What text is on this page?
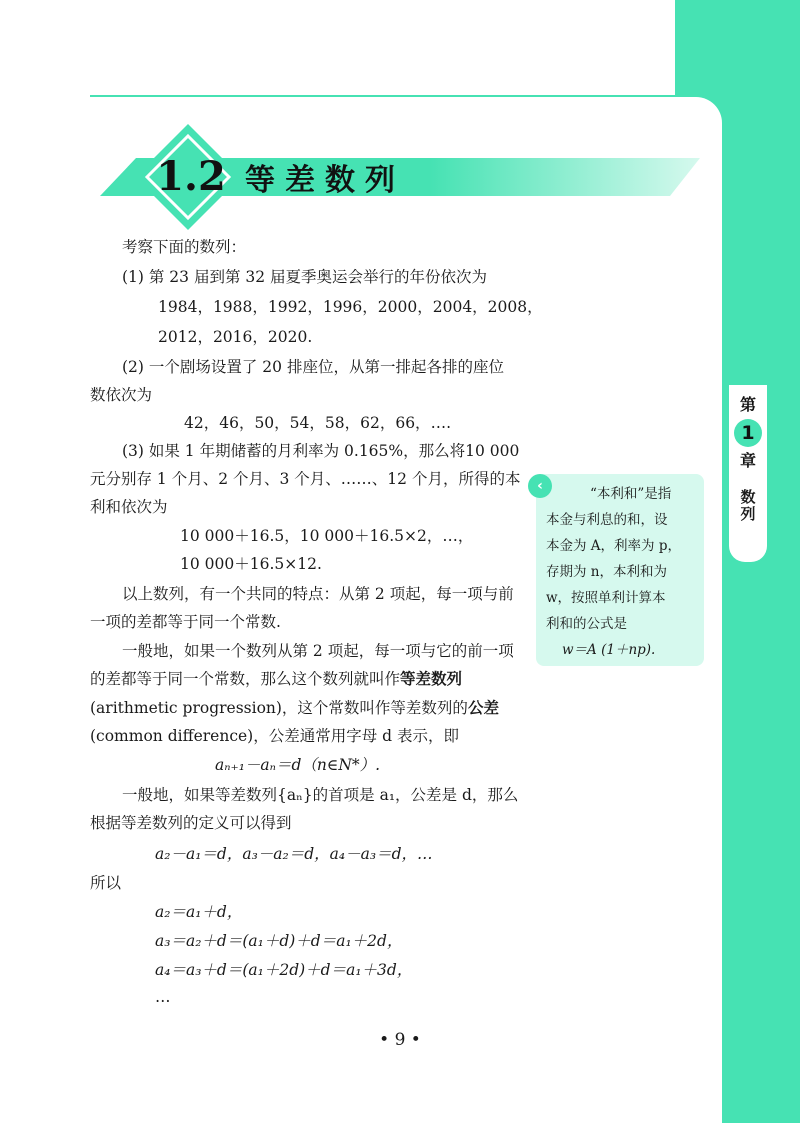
第
1
章
数列
1.2 等差数列
考察下面的数列：
(1) 第 23 届到第 32 届夏季奥运会举行的年份依次为
1984，1988，1992，1996，2000，2004，2008，
2012，2016，2020.
(2) 一个剧场设置了 20 排座位，从第一排起各排的座位
数依次为
42，46，50，54，58，62，66，….
(3) 如果 1 年期储蓄的月利率为 0.165%，那么将10 000
元分别存 1 个月、2 个月、3 个月、……、12 个月，所得的本
利和依次为
10 000＋16.5，10 000＋16.5×2，…，
10 000＋16.5×12.
以上数列，有一个共同的特点：从第 2 项起，每一项与前
一项的差都等于同一个常数.
一般地，如果一个数列从第 2 项起，每一项与它的前一项
的差都等于同一个常数，那么这个数列就叫作等差数列
(arithmetic progression)，这个常数叫作等差数列的公差
(common difference)，公差通常用字母 d 表示，即
aₙ₊₁－aₙ＝d（n∈N*）.
一般地，如果等差数列{aₙ}的首项是 a₁，公差是 d，那么
根据等差数列的定义可以得到
a₂－a₁＝d，a₃－a₂＝d，a₄－a₃＝d，…
所以
a₂＝a₁＋d，
a₃＝a₂＋d＝(a₁＋d)＋d＝a₁＋2d，
a₄＝a₃＋d＝(a₁＋2d)＋d＝a₁＋3d，
…
“本利和”是指
本金与利息的和，设
本金为 A，利率为 p，
存期为 n，本利和为
w，按照单利计算本
利和的公式是
w＝A (1＋np).
‹
• 9 •
